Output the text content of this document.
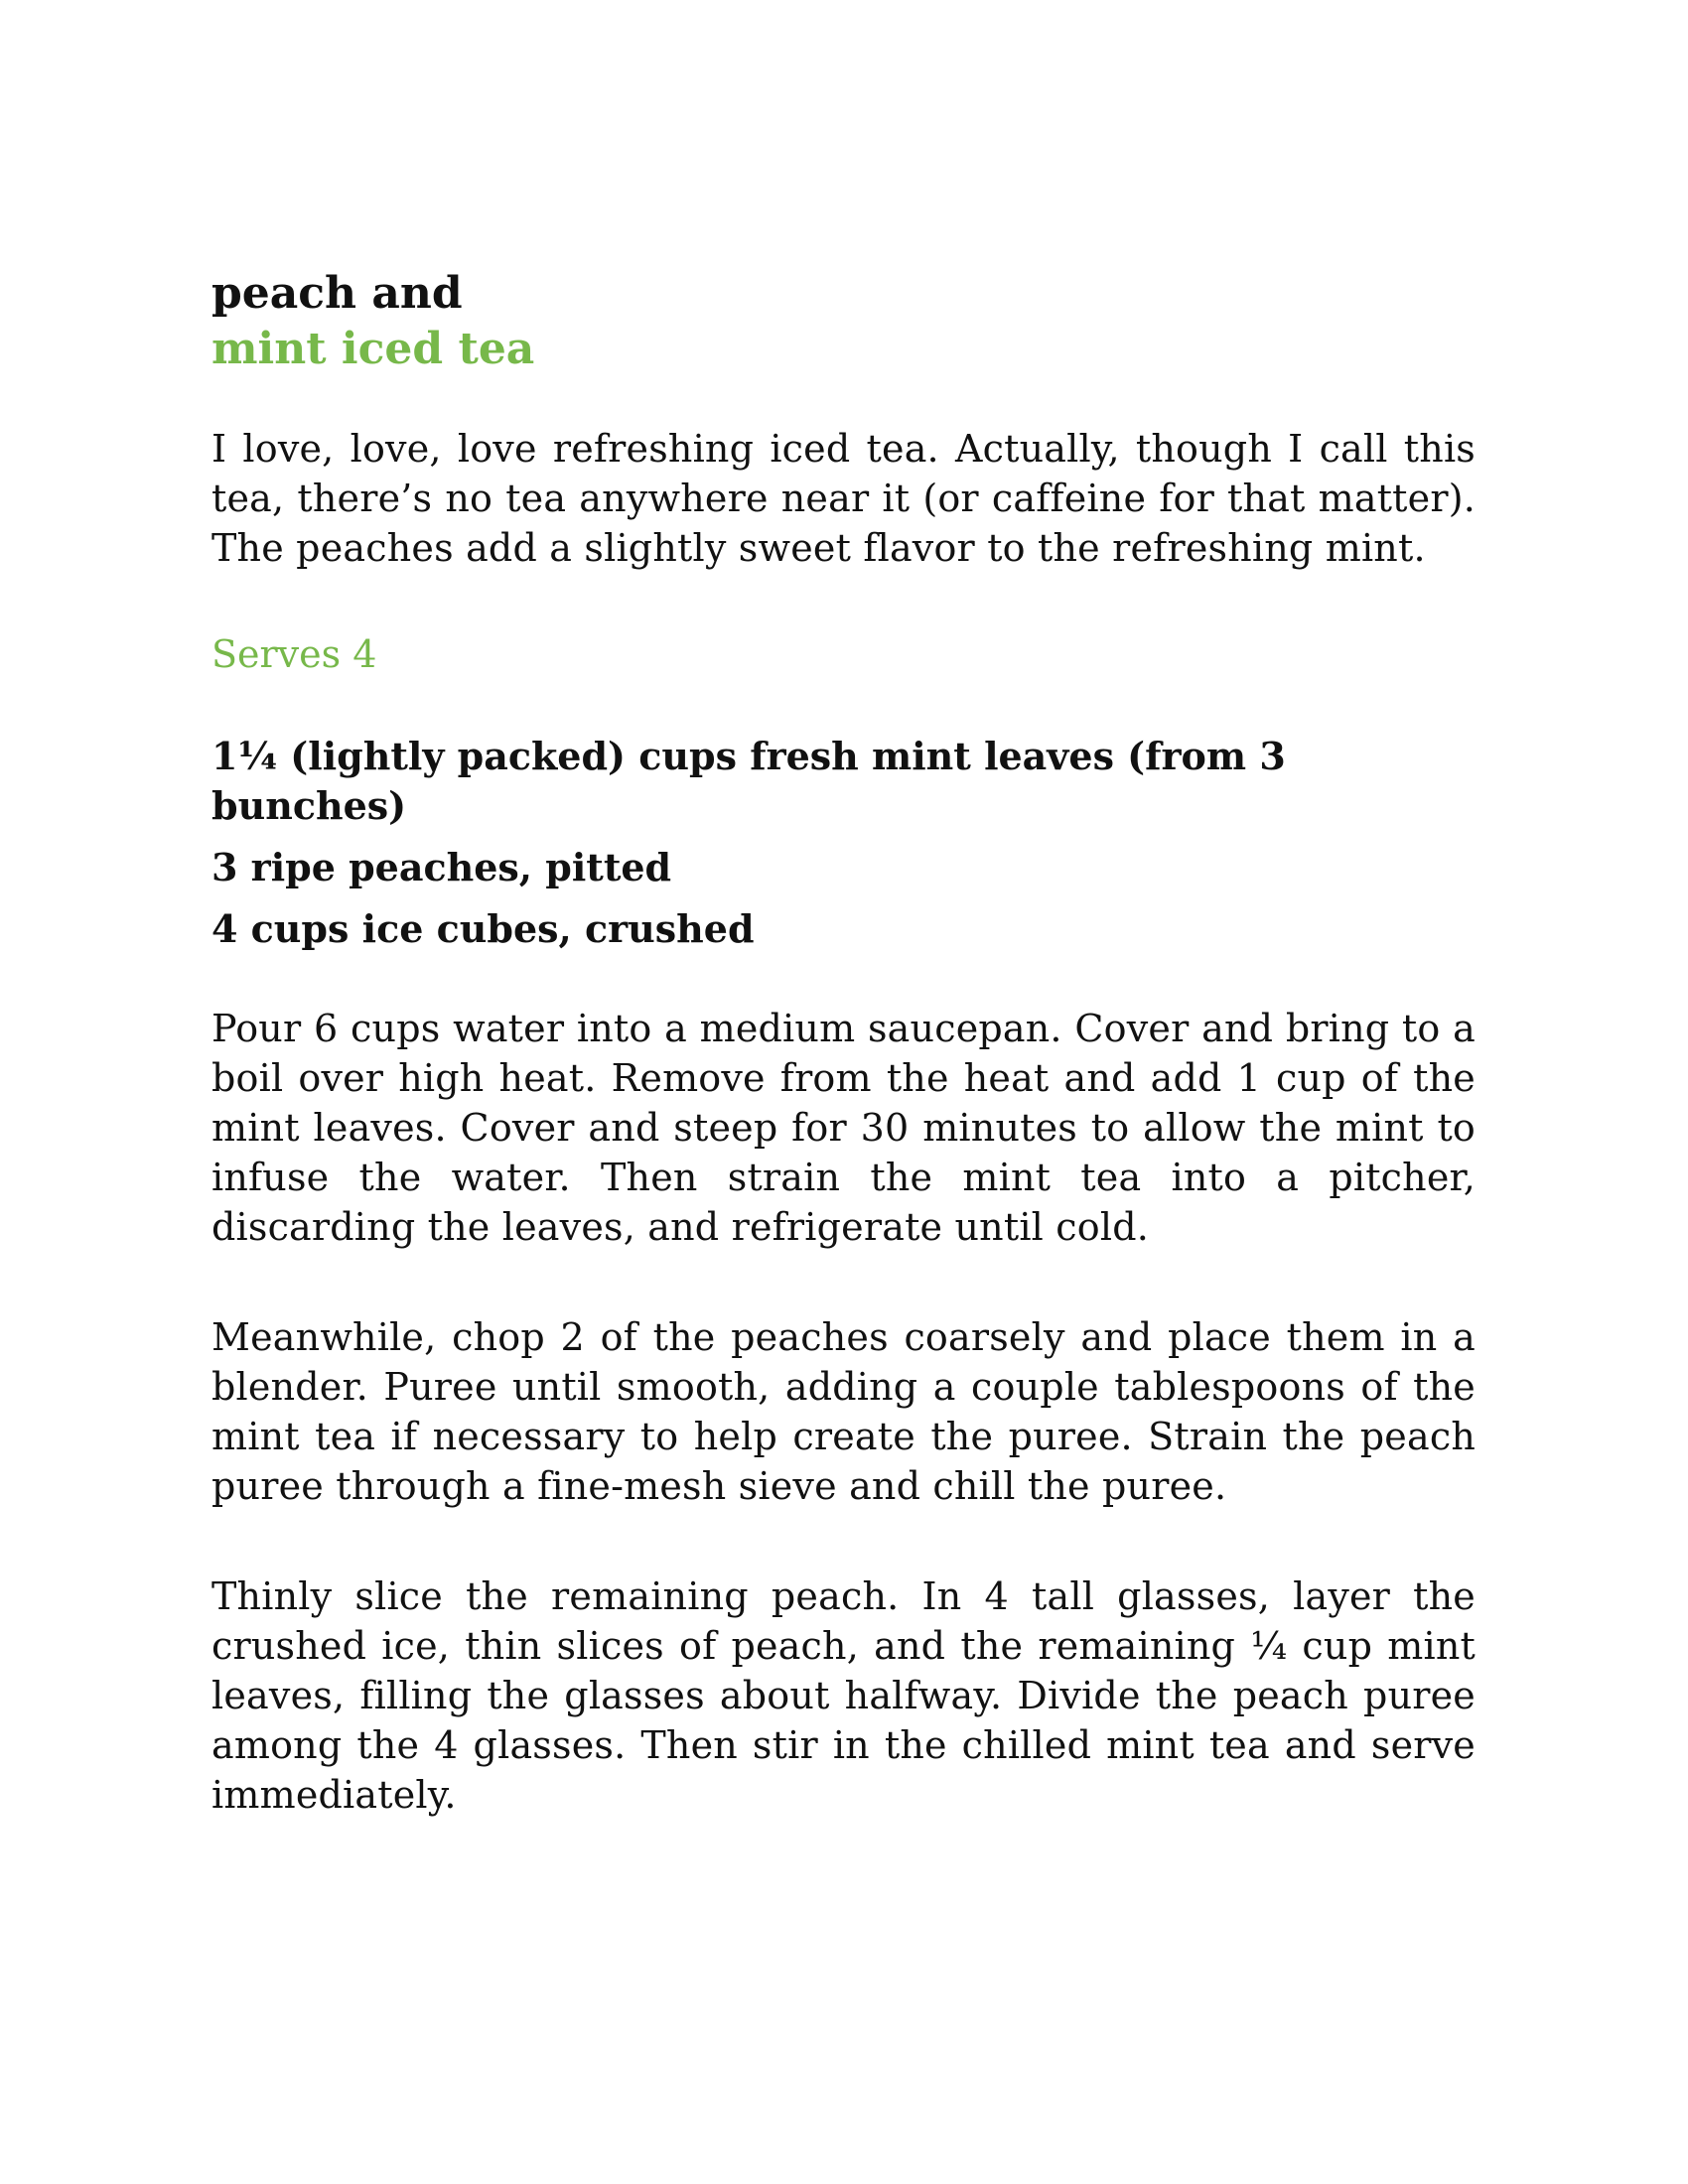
peach and
mint iced tea

I love, love, love refreshing iced tea. Actually, though I call this tea, there’s no tea anywhere near it (or caffeine for that matter). The peaches add a slightly sweet flavor to the refreshing mint.

Serves 4

1¼ (lightly packed) cups fresh mint leaves (from 3 bunches)
3 ripe peaches, pitted
4 cups ice cubes, crushed

Pour 6 cups water into a medium saucepan. Cover and bring to a boil over high heat. Remove from the heat and add 1 cup of the mint leaves. Cover and steep for 30 minutes to allow the mint to infuse the water. Then strain the mint tea into a pitcher, discarding the leaves, and refrigerate until cold.

Meanwhile, chop 2 of the peaches coarsely and place them in a blender. Puree until smooth, adding a couple tablespoons of the mint tea if necessary to help create the puree. Strain the peach puree through a fine-mesh sieve and chill the puree.

Thinly slice the remaining peach. In 4 tall glasses, layer the crushed ice, thin slices of peach, and the remaining ¼ cup mint leaves, filling the glasses about halfway. Divide the peach puree among the 4 glasses. Then stir in the chilled mint tea and serve immediately.
